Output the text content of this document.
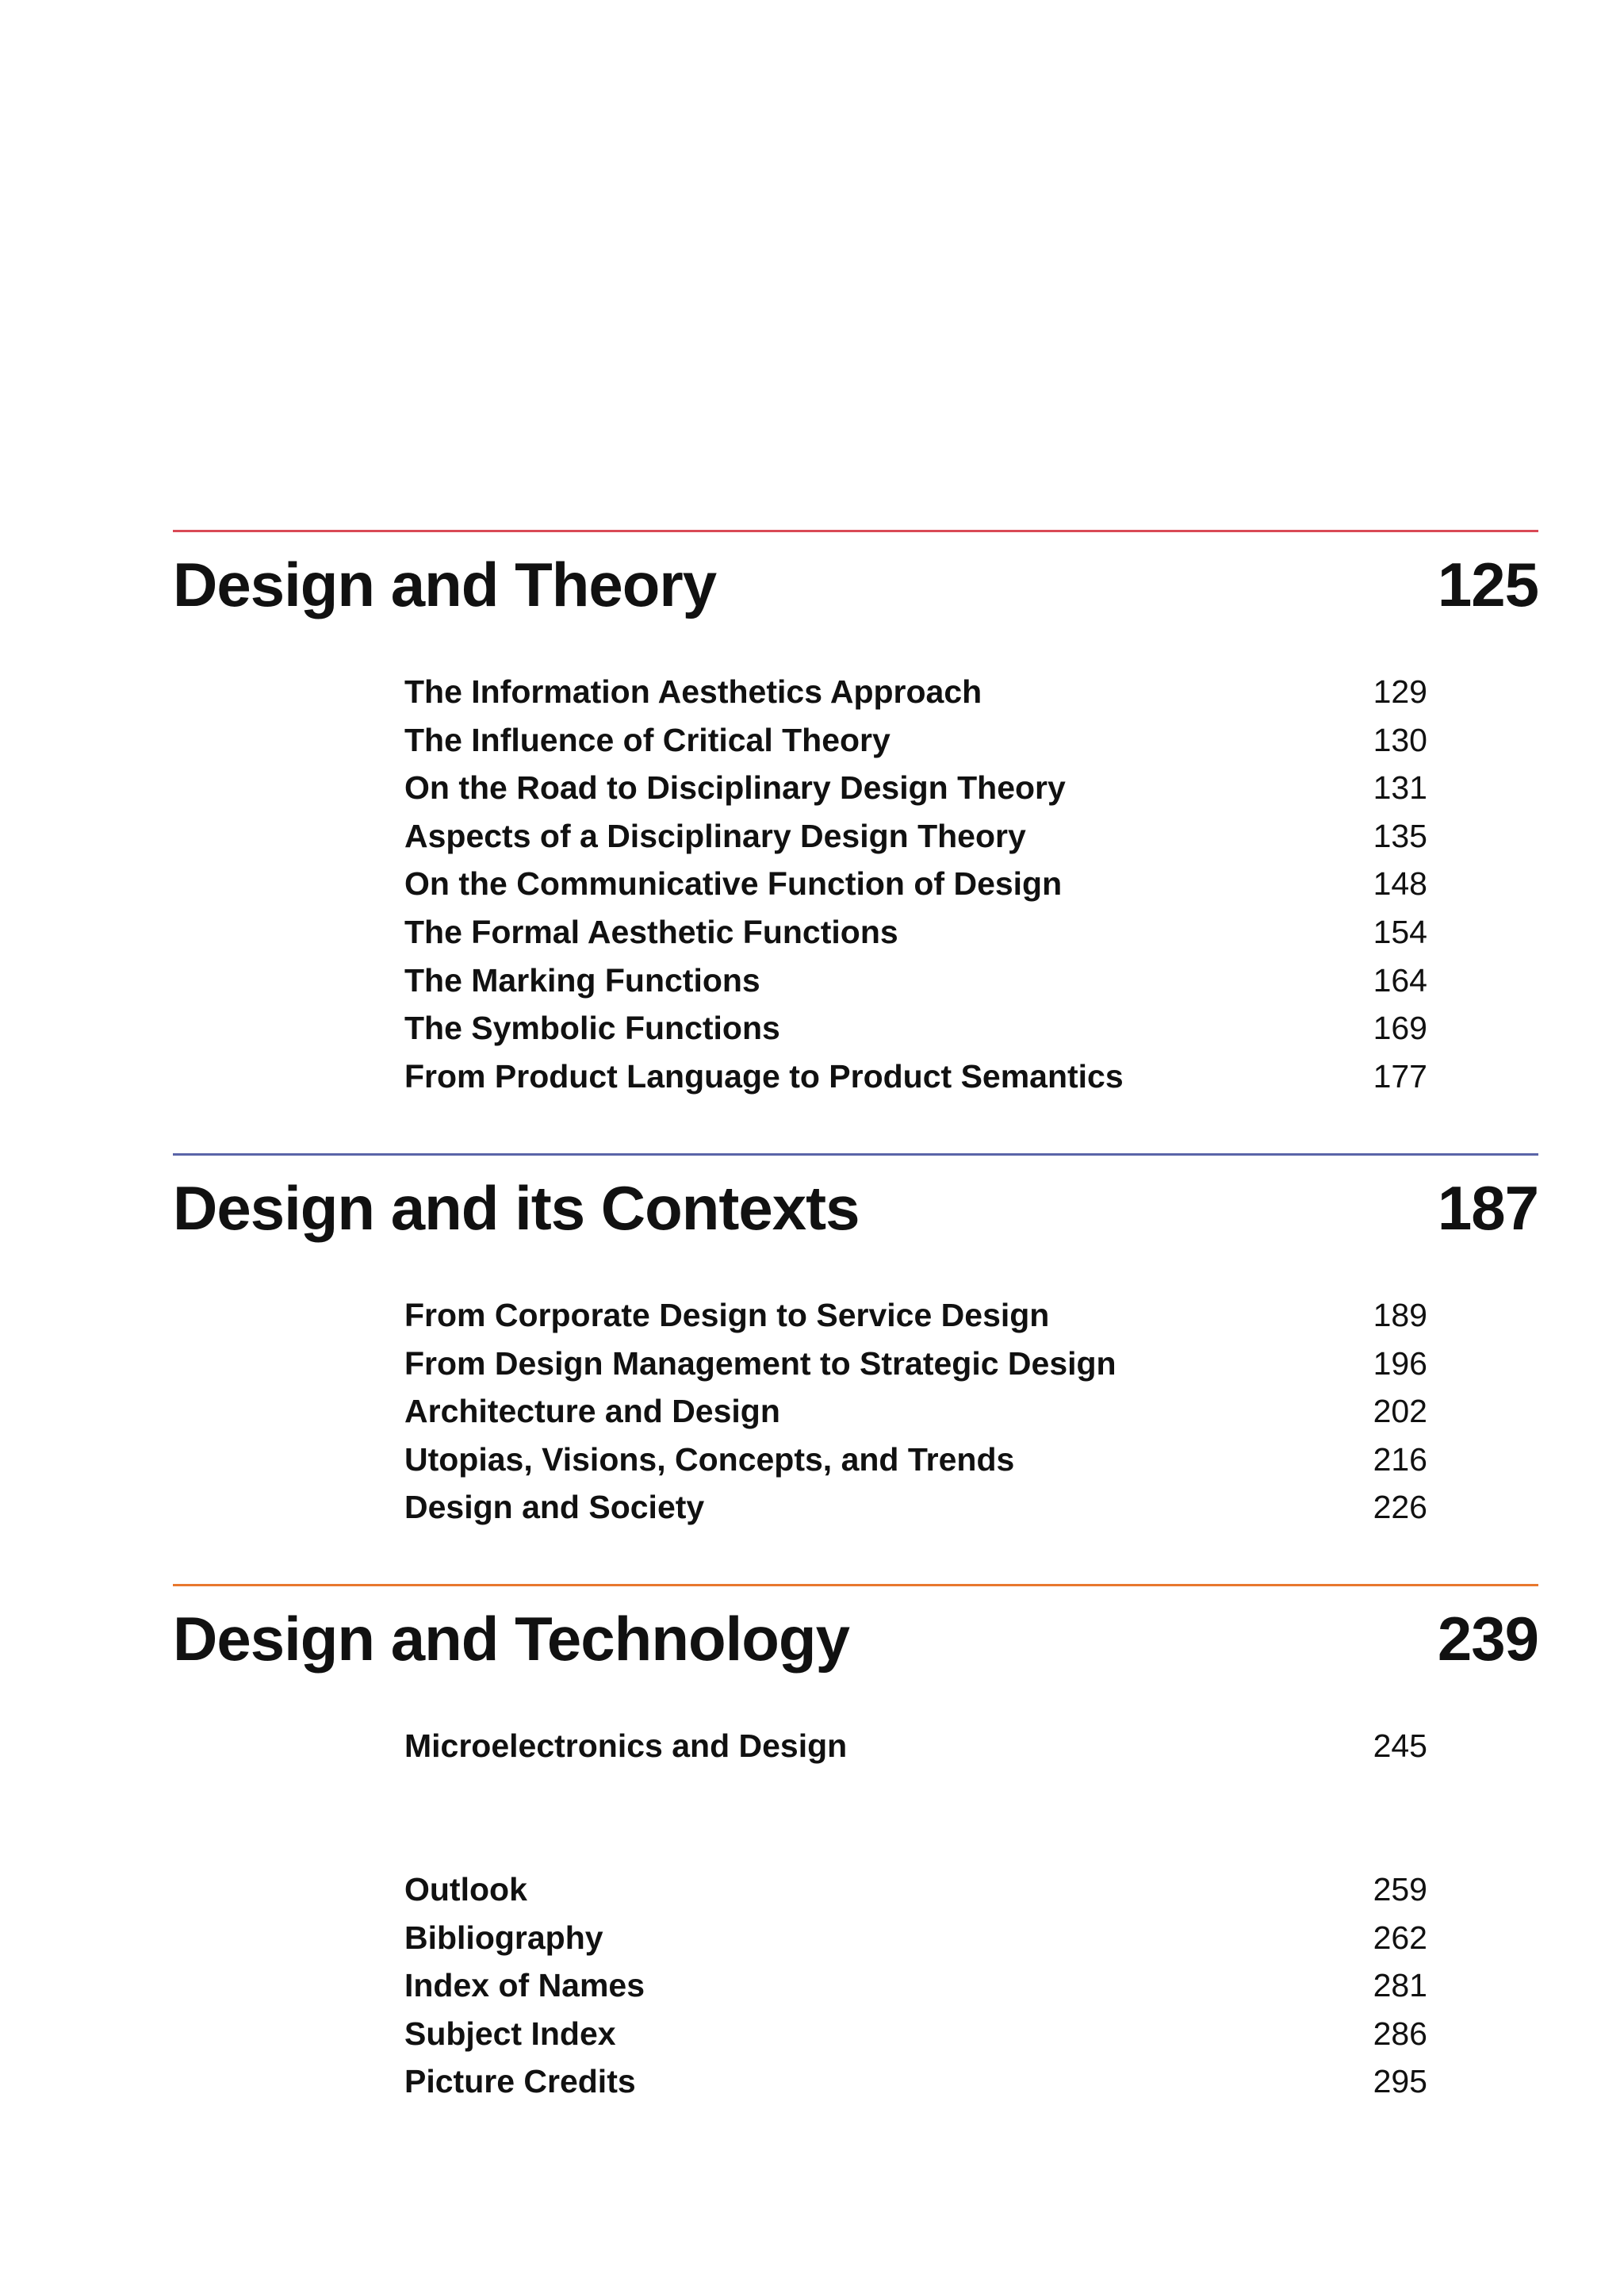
Design and Theory	125
The Information Aesthetics Approach	129
The Influence of Critical Theory	130
On the Road to Disciplinary Design Theory	131
Aspects of a Disciplinary Design Theory	135
On the Communicative Function of Design	148
The Formal Aesthetic Functions	154
The Marking Functions	164
The Symbolic Functions	169
From Product Language to Product Semantics	177
Design and its Contexts	187
From Corporate Design to Service Design	189
From Design Management to Strategic Design	196
Architecture and Design	202
Utopias, Visions, Concepts, and Trends	216
Design and Society	226
Design and Technology	239
Microelectronics and Design	245
Outlook	259
Bibliography	262
Index of Names	281
Subject Index	286
Picture Credits	295
